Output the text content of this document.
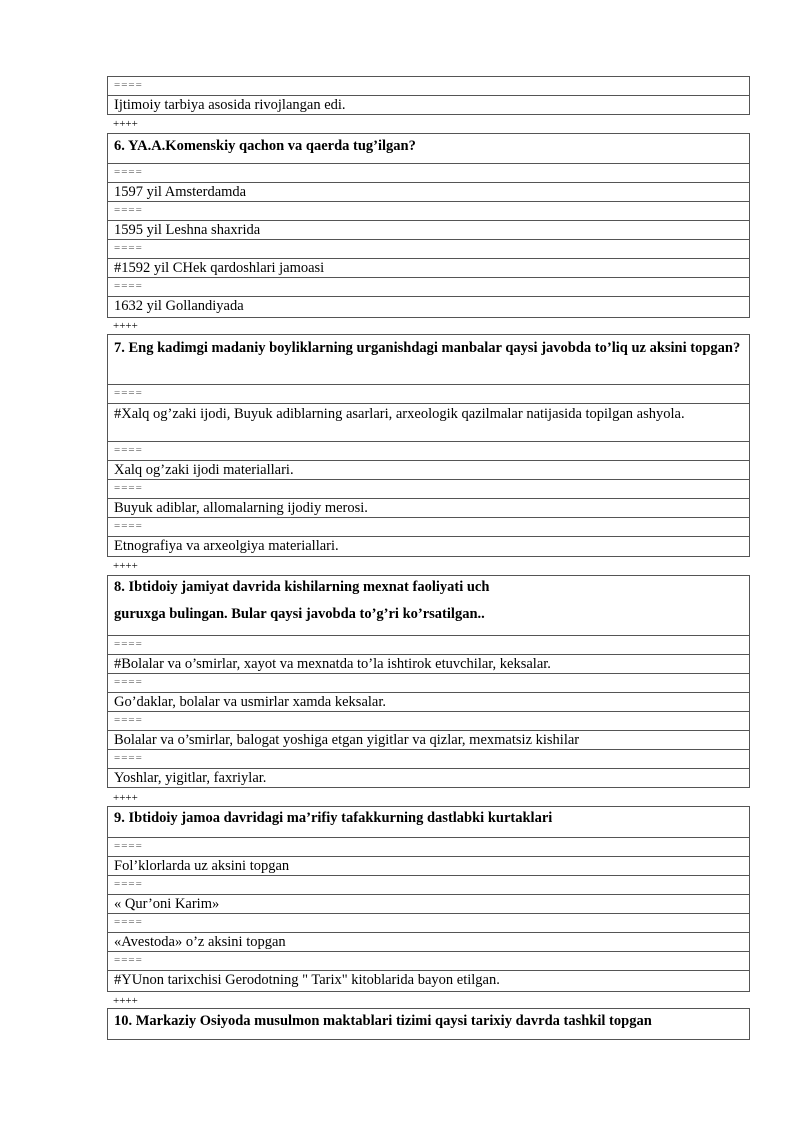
====
Ijtimoiy tarbiya asosida rivojlangan edi.
++++
6. YA.A.Komenskiy qachon va qaerda tug’ilgan?
====
1597 yil Amsterdamda
====
1595 yil Leshna shaxrida
====
#1592 yil CHek qardoshlari jamoasi
====
1632 yil Gollandiyada
++++
7. Eng kadimgi madaniy boyliklarning urganishdagi manbalar qaysi javobda to’liq uz aksini topgan?
====
#Xalq og’zaki ijodi, Buyuk adiblarning asarlari, arxeologik qazilmalar natijasida topilgan ashyola.
====
Xalq og’zaki ijodi materiallari.
====
Buyuk adiblar, allomalarning ijodiy merosi.
====
Etnografiya va arxeolgiya materiallari.
++++
8. Ibtidoiy jamiyat davrida kishilarning mexnat faoliyati uch
guruxga bulingan. Bular qaysi javobda to’g’ri ko’rsatilgan..
====
#Bolalar va o’smirlar, xayot va mexnatda to’la ishtirok etuvchilar, keksalar.
====
Go’daklar, bolalar va usmirlar xamda keksalar.
====
Bolalar va o’smirlar, balogat yoshiga etgan yigitlar va qizlar, mexmatsiz kishilar
====
Yoshlar, yigitlar, faxriylar.
++++
9. Ibtidoiy jamoa davridagi ma’rifiy tafakkurning dastlabki kurtaklari
====
Fol’klorlarda uz aksini topgan
====
« Qur’oni Karim»
====
«Avestoda» o’z aksini topgan
====
#YUnon tarixchisi Gerodotning " Tarix" kitoblarida bayon etilgan.
++++
10. Markaziy Osiyoda musulmon maktablari tizimi qaysi tarixiy davrda tashkil topgan
